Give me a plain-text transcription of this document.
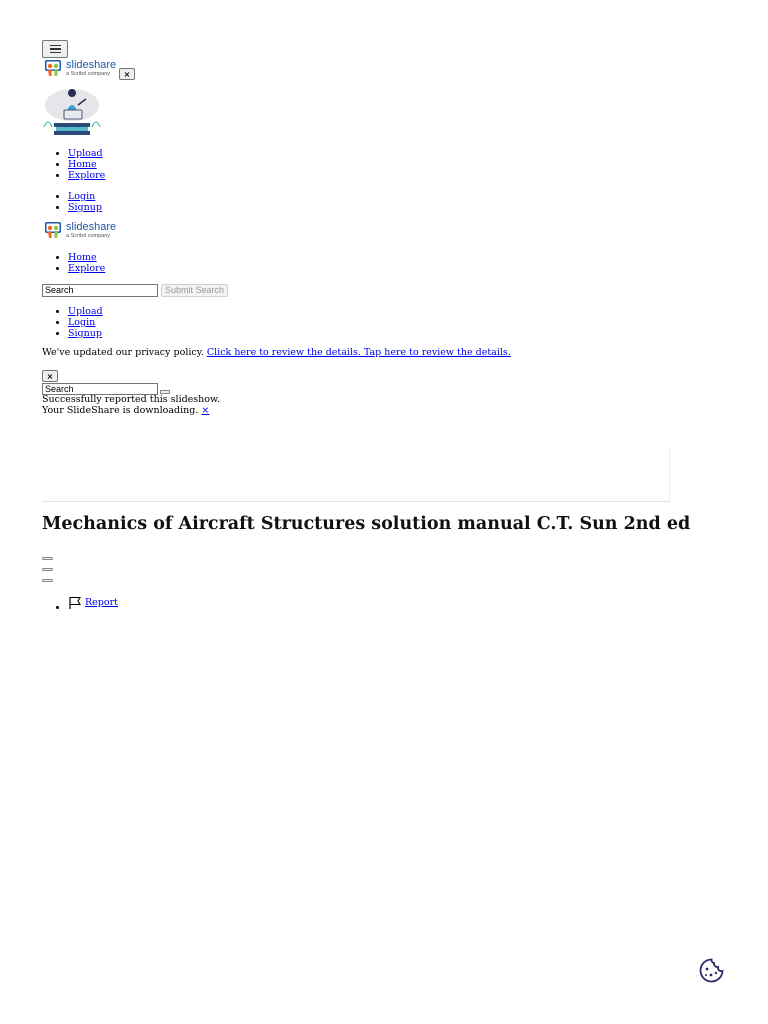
slideshare
a Scribd company	×
• Upload
• Home
• Explore
• Login
• Signup
slideshare
a Scribd company
• Home
• Explore
Search	Submit Search
• Upload
• Login
• Signup
We've updated our privacy policy. Click here to review the details. Tap here to review the details.
×
Search
Successfully reported this slideshow.
Your SlideShare is downloading. ×
Mechanics of Aircraft Structures solution manual C.T. Sun 2nd ed
• Report
